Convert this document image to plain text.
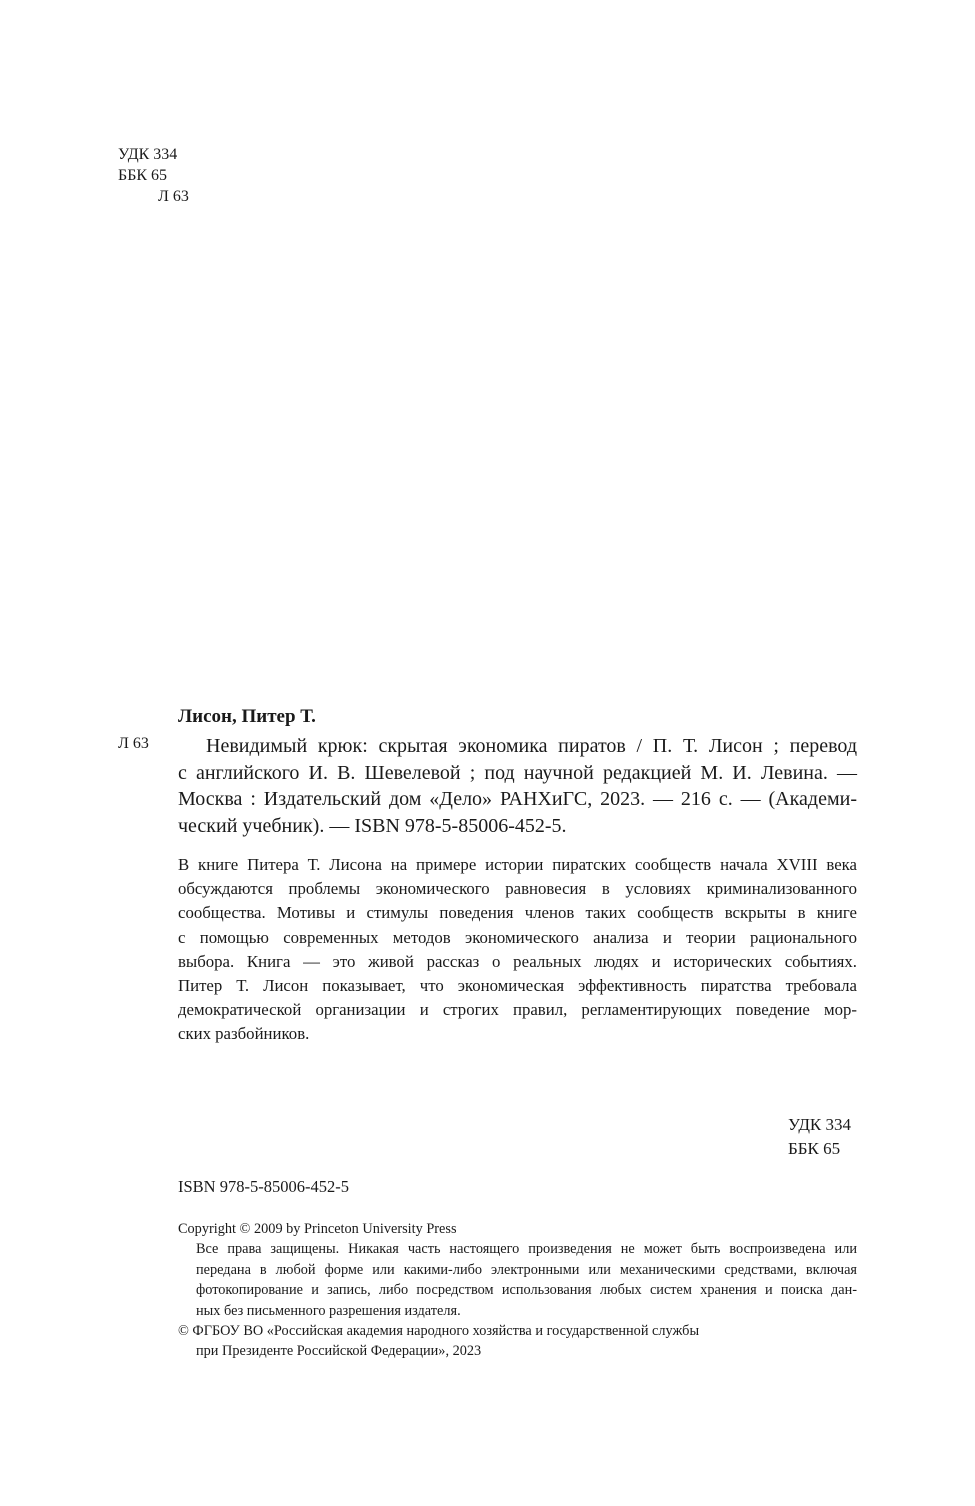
УДК 334
ББК 65
Л 63
Лисон, Питер Т.
Л 63	Невидимый крюк: скрытая экономика пиратов / П. Т. Лисон ; перевод
с английского И. В. Шевелевой ; под научной редакцией М. И. Левина. —
Москва : Издательский дом «Дело» РАНХиГС, 2023. — 216 с. — (Академи-
ческий учебник). — ISBN 978-5-85006-452-5.
В книге Питера Т. Лисона на примере истории пиратских сообществ начала XVIII века
обсуждаются проблемы экономического равновесия в условиях криминализованного
сообщества. Мотивы и стимулы поведения членов таких сообществ вскрыты в книге
с помощью современных методов экономического анализа и теории рационального
выбора. Книга — это живой рассказ о реальных людях и исторических событиях.
Питер Т. Лисон показывает, что экономическая эффективность пиратства требовала
демократической организации и строгих правил, регламентирующих поведение мор-
ских разбойников.
УДК 334
ББК 65
ISBN 978-5-85006-452-5
Copyright © 2009 by Princeton University Press
Все права защищены. Никакая часть настоящего произведения не может быть воспроизведена или
передана в любой форме или какими-либо электронными или механическими средствами, включая
фотокопирование и запись, либо посредством использования любых систем хранения и поиска дан-
ных без письменного разрешения издателя.
© ФГБОУ ВО «Российская академия народного хозяйства и государственной службы
при Президенте Российской Федерации», 2023
